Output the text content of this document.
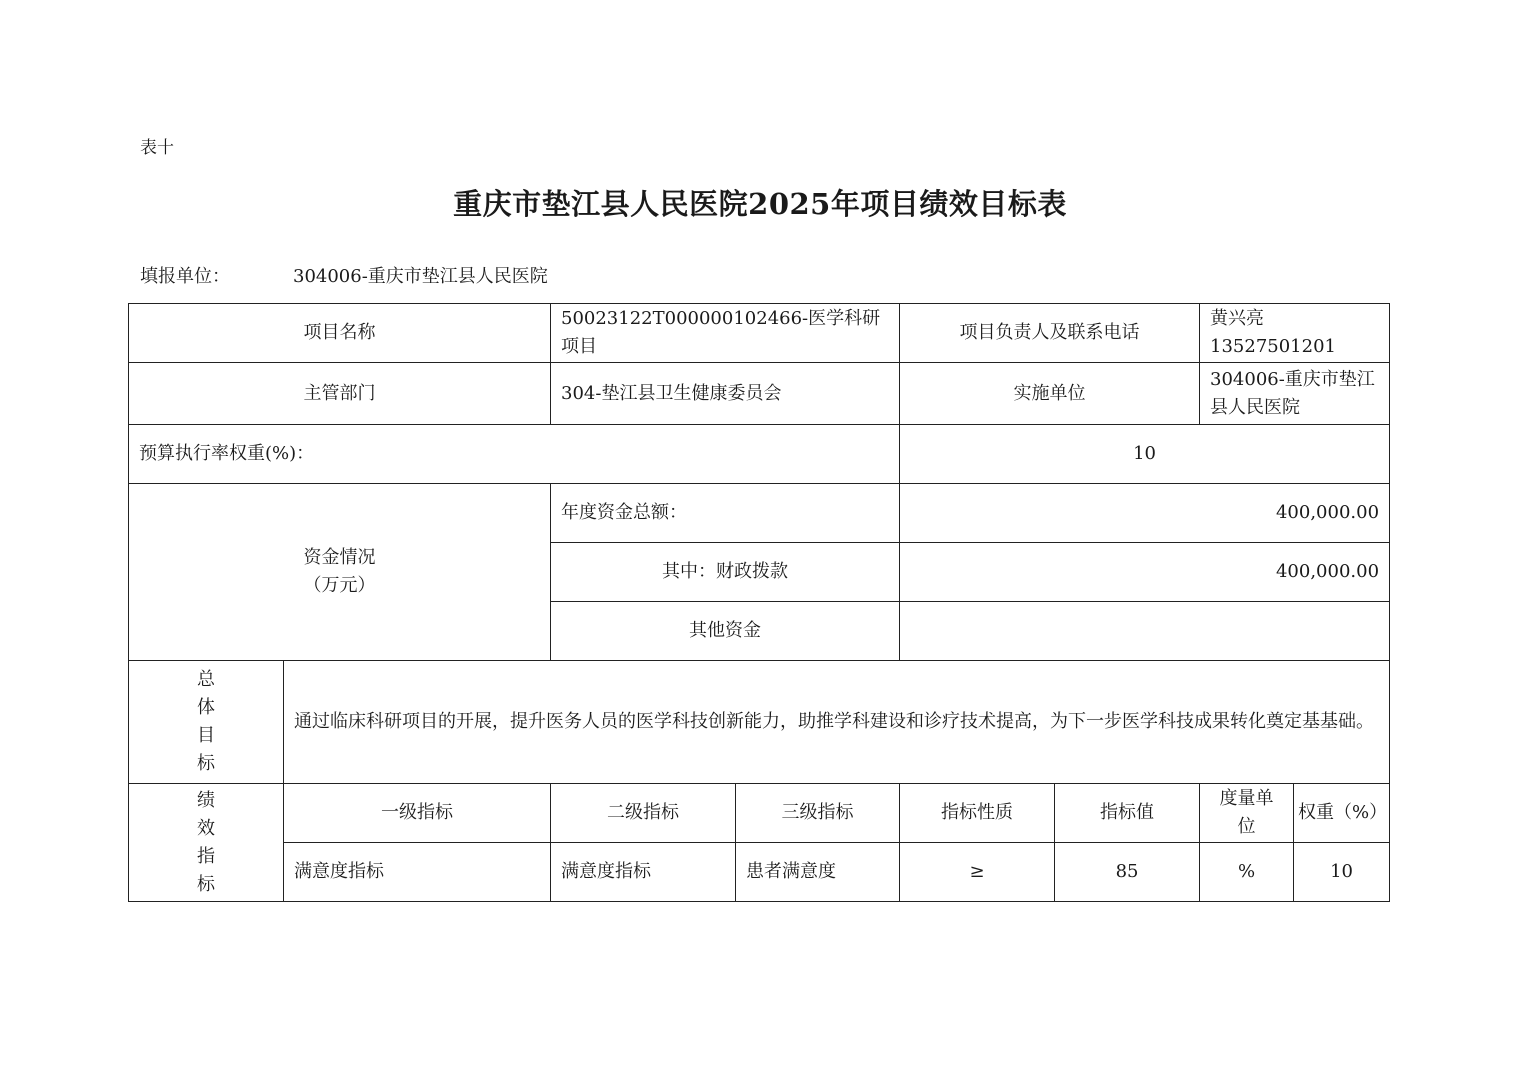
表十
重庆市垫江县人民医院2025年项目绩效目标表
填报单位：	304006-重庆市垫江县人民医院
项目名称		50023122T000000102466-医学科研项目		项目负责人及联系电话		黄兴亮
13527501201	

主管部门		304-垫江县卫生健康委员会		实施单位		304006-重庆市垫江县人民医院	
预算执行率权重(%)：				10			

资金情况
（万元）		年度资金总额：		400,000.00			
		其中：财政拨款		400,000.00			
		其他资金					

总
体
目
标	通过临床科研项目的开展，提升医务人员的医学科技创新能力，助推学科建设和诊疗技术提高，为下一步医学科技成果转化奠定基基础。						

绩
效
指
标	一级指标	二级指标	三级指标	指标性质	指标值	度量单位	权重（%）
	满意度指标	满意度指标	患者满意度	≥	85	%	10
